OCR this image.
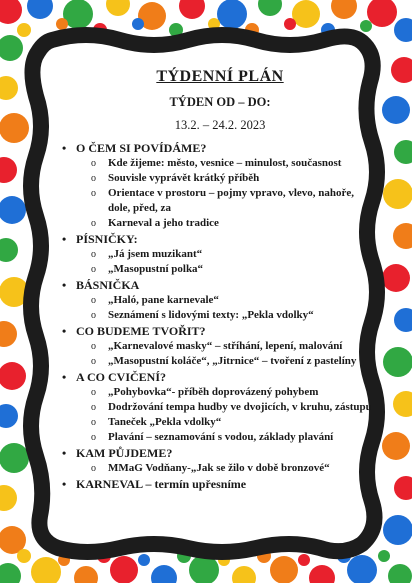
TÝDENNÍ PLÁN
TÝDEN OD – DO:
13.2. – 24.2. 2023
• O ČEM SI POVÍDÁME?
o Kde žijeme: město, vesnice – minulost, současnost
o Souvisle vyprávět krátký příběh
o Orientace v prostoru – pojmy vpravo, vlevo, nahoře, dole, před, za
o Karneval a jeho tradice
• PÍSNIČKY:
o „Já jsem muzikant“
o „Masopustní polka“
• BÁSNIČKA
o „Haló, pane karnevale“
o Seznámení s lidovými texty: „Pekla vdolky“
• CO BUDEME TVOŘIT?
o „Karnevalové masky“ – stříhání, lepení, malování
o „Masopustní koláče“, „Jitrnice“ – tvoření z pastelíny
• A CO CVIČENÍ?
o „Pohybovka“- příběh doprovázený pohybem
o Dodržování tempa hudby ve dvojicích, v kruhu, zástupu
o Taneček „Pekla vdolky“
o Plavání – seznamování s vodou, základy plavání
• KAM PŮJDEME?
o MMaG Vodňany-„Jak se žilo v době bronzové“
• KARNEVAL – termín upřesníme
